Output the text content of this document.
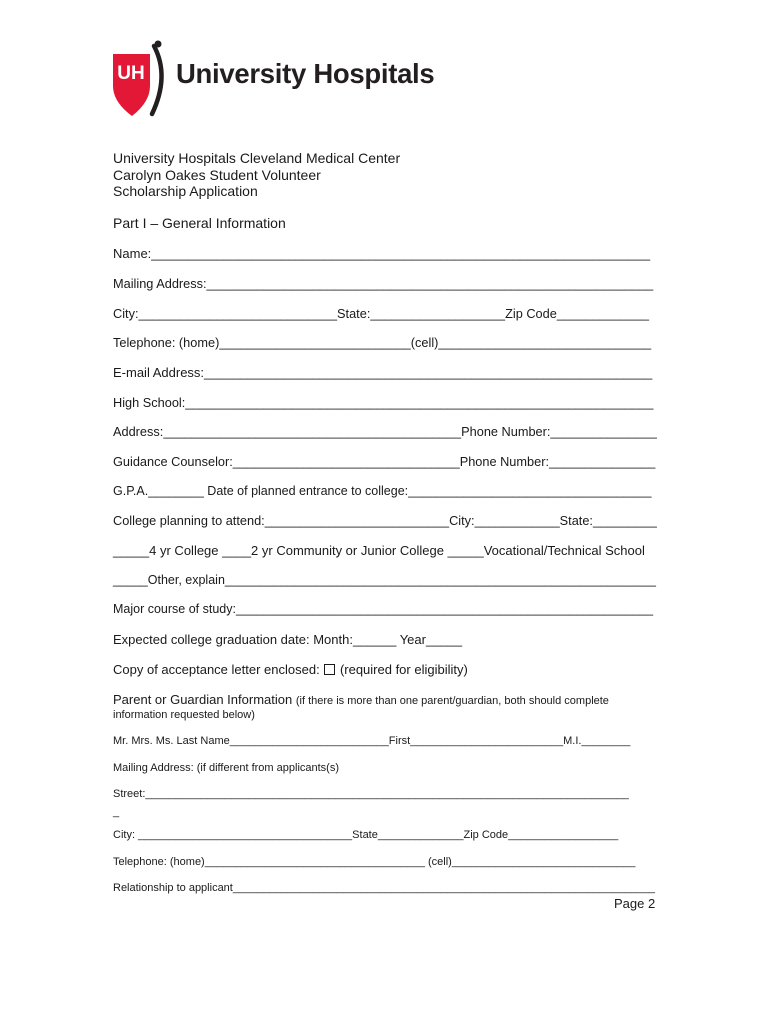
UH University Hospitals
University Hospitals Cleveland Medical Center
Carolyn Oakes Student Volunteer
Scholarship Application
Part I – General Information
Name:_____________________________________________________________________
Mailing Address:_______________________________________________________________
City:____________________________State:___________________Zip Code_____________
Telephone: (home)___________________________(cell)______________________________
E-mail Address:______________________________________________________________
High School:__________________________________________________________________
Address:__________________________________________Phone Number:_______________
Guidance Counselor:________________________________Phone Number:_______________
G.P.A.________ Date of planned entrance to college:___________________________________
College planning to attend:__________________________City:____________State:_________
_____4 yr College ____2 yr Community or Junior College _____Vocational/Technical School
_____Other, explain______________________________________________________________
Major course of study:____________________________________________________________
Expected college graduation date: Month:______ Year_____
Copy of acceptance letter enclosed: (required for eligibility)
Parent or Guardian Information (if there is more than one parent/guardian, both should complete
information requested below)
Mr. Mrs. Ms. Last Name__________________________First_________________________M.I.________
Mailing Address: (if different from applicants(s)
Street:_______________________________________________________________________________
_
City: ___________________________________State______________Zip Code__________________
Telephone: (home)____________________________________ (cell)______________________________
Relationship to applicant_____________________________________________________________________
Page 2
